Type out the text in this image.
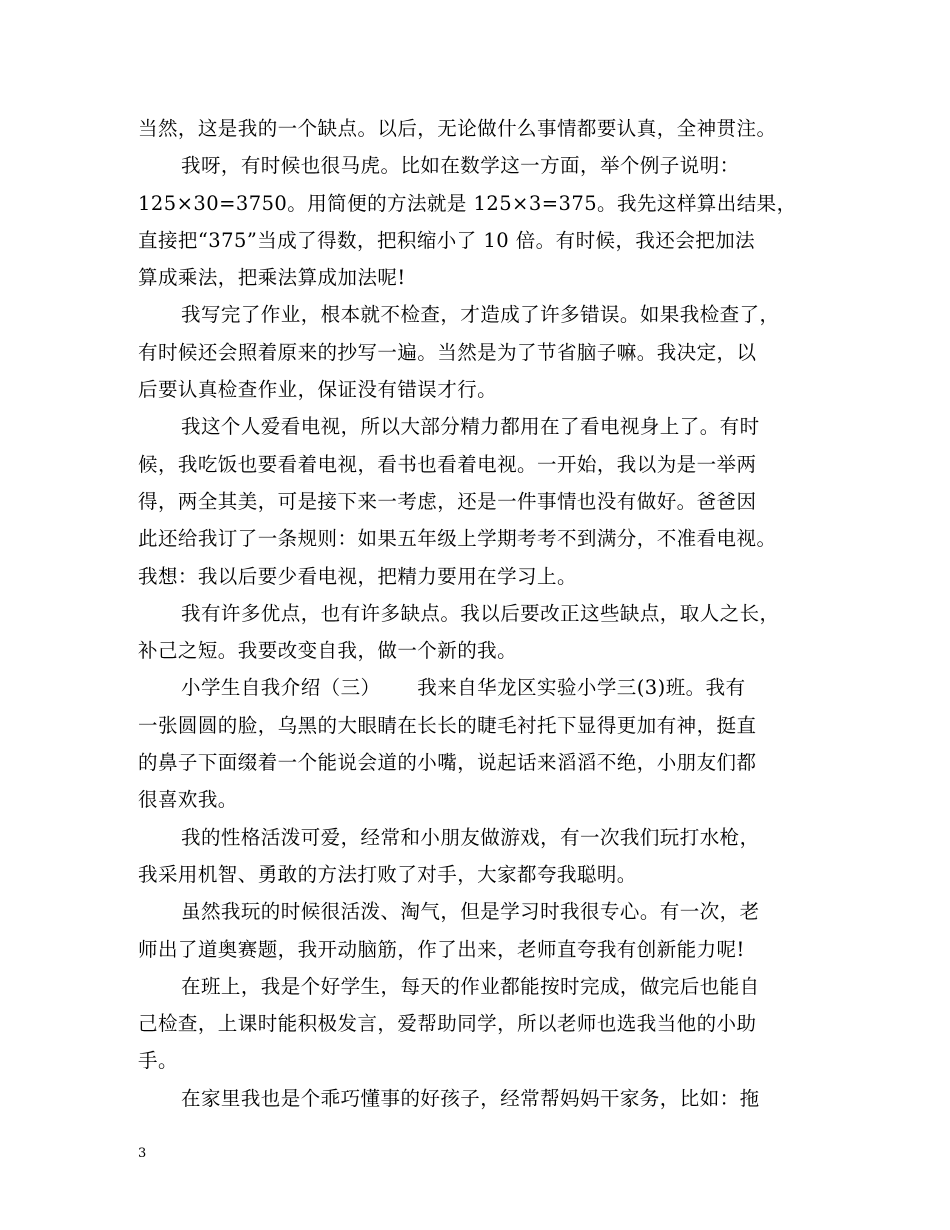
当然，这是我的一个缺点。以后，无论做什么事情都要认真，全神贯注。
我呀，有时候也很马虎。比如在数学这一方面，举个例子说明：
125×30=3750。用简便的方法就是 125×3=375。我先这样算出结果，
直接把“375”当成了得数，把积缩小了 10 倍。有时候，我还会把加法
算成乘法，把乘法算成加法呢!
我写完了作业，根本就不检查，才造成了许多错误。如果我检查了，
有时候还会照着原来的抄写一遍。当然是为了节省脑子嘛。我决定，以
后要认真检查作业，保证没有错误才行。
我这个人爱看电视，所以大部分精力都用在了看电视身上了。有时
候，我吃饭也要看着电视，看书也看着电视。一开始，我以为是一举两
得，两全其美，可是接下来一考虑，还是一件事情也没有做好。爸爸因
此还给我订了一条规则：如果五年级上学期考考不到满分，不准看电视。
我想：我以后要少看电视，把精力要用在学习上。
我有许多优点，也有许多缺点。我以后要改正这些缺点，取人之长，
补己之短。我要改变自我，做一个新的我。
小学生自我介绍（三）　　 我来自华龙区实验小学三(3)班。我有
一张圆圆的脸，乌黑的大眼睛在长长的睫毛衬托下显得更加有神，挺直
的鼻子下面缀着一个能说会道的小嘴，说起话来滔滔不绝，小朋友们都
很喜欢我。
我的性格活泼可爱，经常和小朋友做游戏，有一次我们玩打水枪，
我采用机智、勇敢的方法打败了对手，大家都夸我聪明。
虽然我玩的时候很活泼、淘气，但是学习时我很专心。有一次，老
师出了道奥赛题，我开动脑筋，作了出来，老师直夸我有创新能力呢!
在班上，我是个好学生，每天的作业都能按时完成，做完后也能自
己检查，上课时能积极发言，爱帮助同学，所以老师也选我当他的小助
手。
在家里我也是个乖巧懂事的好孩子，经常帮妈妈干家务，比如：拖
3
